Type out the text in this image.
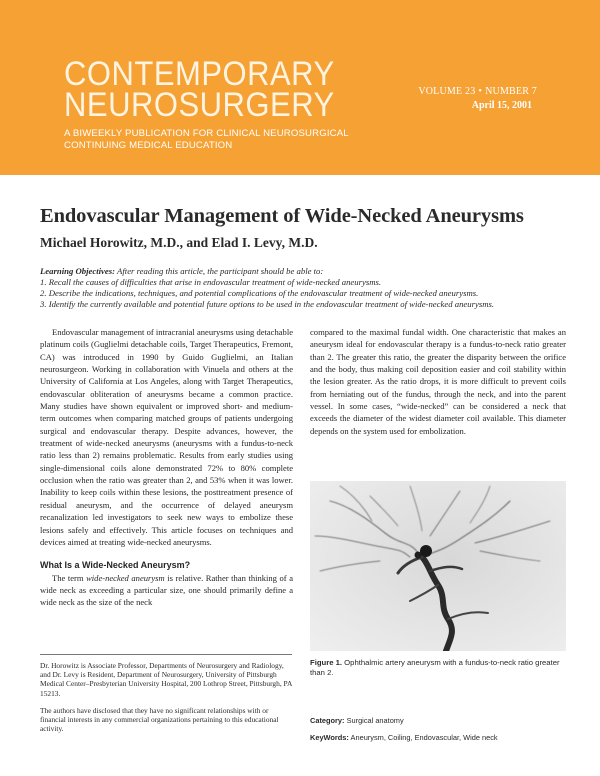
CONTEMPORARY
NEUROSURGERY
A BIWEEKLY PUBLICATION FOR CLINICAL NEUROSURGICAL
CONTINUING MEDICAL EDUCATION
VOLUME 23 • NUMBER 7
April 15, 2001
Endovascular Management of Wide-Necked Aneurysms
Michael Horowitz, M.D., and Elad I. Levy, M.D.
Learning Objectives: After reading this article, the participant should be able to:
1. Recall the causes of difficulties that arise in endovascular treatment of wide-necked aneurysms.
2. Describe the indications, techniques, and potential complications of the endovascular treatment of wide-necked aneurysms.
3. Identify the currently available and potential future options to be used in the endovascular treatment of wide-necked aneurysms.

Endovascular management of intracranial aneurysms using detachable platinum coils (Guglielmi detachable coils, Target Therapeutics, Fremont, CA) was introduced in 1990 by Guido Guglielmi, an Italian neurosurgeon. Working in collaboration with Vinuela and others at the University of California at Los Angeles, along with Target Therapeutics, endovascular obliteration of aneurysms became a common practice. Many studies have shown equivalent or improved short- and medium-term outcomes when comparing matched groups of patients undergoing surgical and endovascular therapy. Despite advances, however, the treatment of wide-necked aneurysms (aneurysms with a fundus-to-neck ratio less than 2) remains problematic. Results from early studies using single-dimensional coils alone demonstrated 72% to 80% complete occlusion when the ratio was greater than 2, and 53% when it was lower. Inability to keep coils within these lesions, the posttreatment presence of residual aneurysm, and the occurrence of delayed aneurysm recanalization led investigators to seek new ways to embolize these lesions safely and effectively. This article focuses on techniques and devices aimed at treating wide-necked aneurysms.

What Is a Wide-Necked Aneurysm?

The term wide-necked aneurysm is relative. Rather than thinking of a wide neck as exceeding a particular size, one should primarily define a wide neck as the size of the neck

compared to the maximal fundal width. One characteristic that makes an aneurysm ideal for endovascular therapy is a fundus-to-neck ratio greater than 2. The greater this ratio, the greater the disparity between the orifice and the body, thus making coil deposition easier and coil stability within the lesion greater. As the ratio drops, it is more difficult to prevent coils from herniating out of the fundus, through the neck, and into the parent vessel. In some cases, “wide-necked” can be considered a neck that exceeds the diameter of the widest diameter coil available. This diameter depends on the system used for embolization.

Figure 1. Ophthalmic artery aneurysm with a fundus-to-neck ratio greater than 2.

Dr. Horowitz is Associate Professor, Departments of Neurosurgery and Radiology, and Dr. Levy is Resident, Department of Neurosurgery, University of Pittsburgh Medical Center–Presbyterian University Hospital, 200 Lothrop Street, Pittsburgh, PA 15213.

The authors have disclosed that they have no significant relationships with or financial interests in any commercial organizations pertaining to this educational activity.

Category: Surgical anatomy
KeyWords: Aneurysm, Coiling, Endovascular, Wide neck
